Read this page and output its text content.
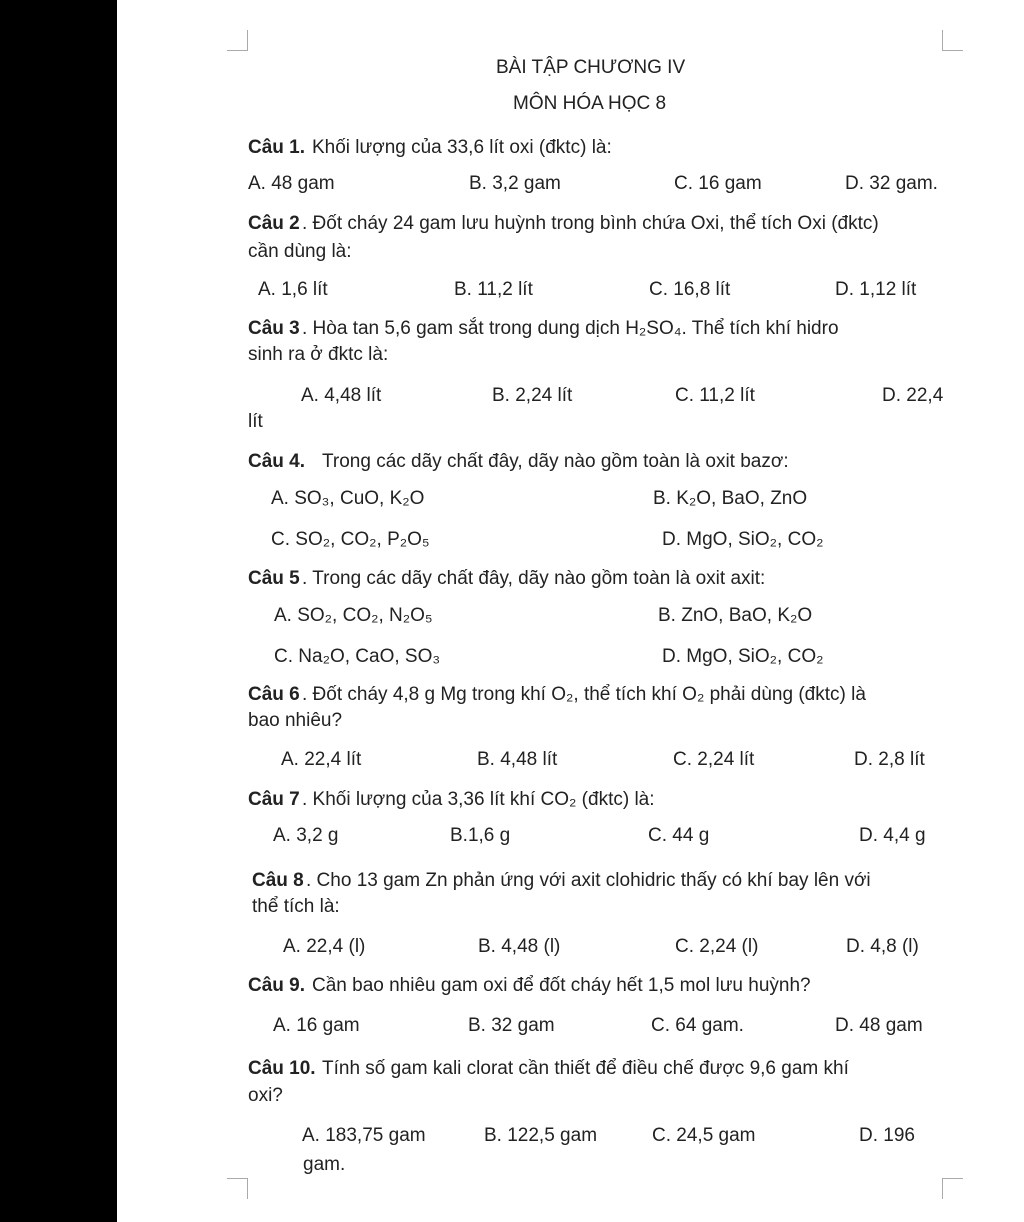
BÀI TẬP CHƯƠNG IV
MÔN HÓA HỌC 8
Câu 1. Khối lượng của 33,6 lít oxi (đktc) là:
A. 48 gam	B. 3,2 gam	C. 16 gam	D. 32 gam.
Câu 2 . Đốt cháy 24 gam lưu huỳnh trong bình chứa Oxi, thể tích Oxi (đktc)
cần dùng là:
A. 1,6 lít	B. 11,2 lít	C. 16,8 lít	D. 1,12 lít
Câu 3 . Hòa tan 5,6 gam sắt trong dung dịch H₂SO₄. Thể tích khí hidro
sinh ra ở đktc là:
A. 4,48 lít	B. 2,24 lít	C. 11,2 lít	D. 22,4
lít
Câu 4. Trong các dãy chất đây, dãy nào gồm toàn là oxit bazơ:
A. SO₃, CuO, K₂O	B. K₂O, BaO, ZnO
C. SO₂, CO₂, P₂O₅	D. MgO, SiO₂, CO₂
Câu 5 . Trong các dãy chất đây, dãy nào gồm toàn là oxit axit:
A. SO₂, CO₂, N₂O₅	B. ZnO, BaO, K₂O
C. Na₂O, CaO, SO₃	D. MgO, SiO₂, CO₂
Câu 6 . Đốt cháy 4,8 g Mg trong khí O₂, thể tích khí O₂ phải dùng (đktc) là
bao nhiêu?
A. 22,4 lít	B. 4,48 lít	C. 2,24 lít	D. 2,8 lít
Câu 7 . Khối lượng của 3,36 lít khí CO₂ (đktc) là:
A. 3,2 g	B.1,6 g	C. 44 g	D. 4,4 g
Câu 8 . Cho 13 gam Zn phản ứng với axit clohidric thấy có khí bay lên với
thể tích là:
A. 22,4 (l)	B. 4,48 (l)	C. 2,24 (l)	D. 4,8 (l)
Câu 9. Cần bao nhiêu gam oxi để đốt cháy hết 1,5 mol lưu huỳnh?
A. 16 gam	B. 32 gam	C. 64 gam.	D. 48 gam
Câu 10. Tính số gam kali clorat cần thiết để điều chế được 9,6 gam khí
oxi?
A. 183,75 gam	B. 122,5 gam	C. 24,5 gam	D. 196
gam.
